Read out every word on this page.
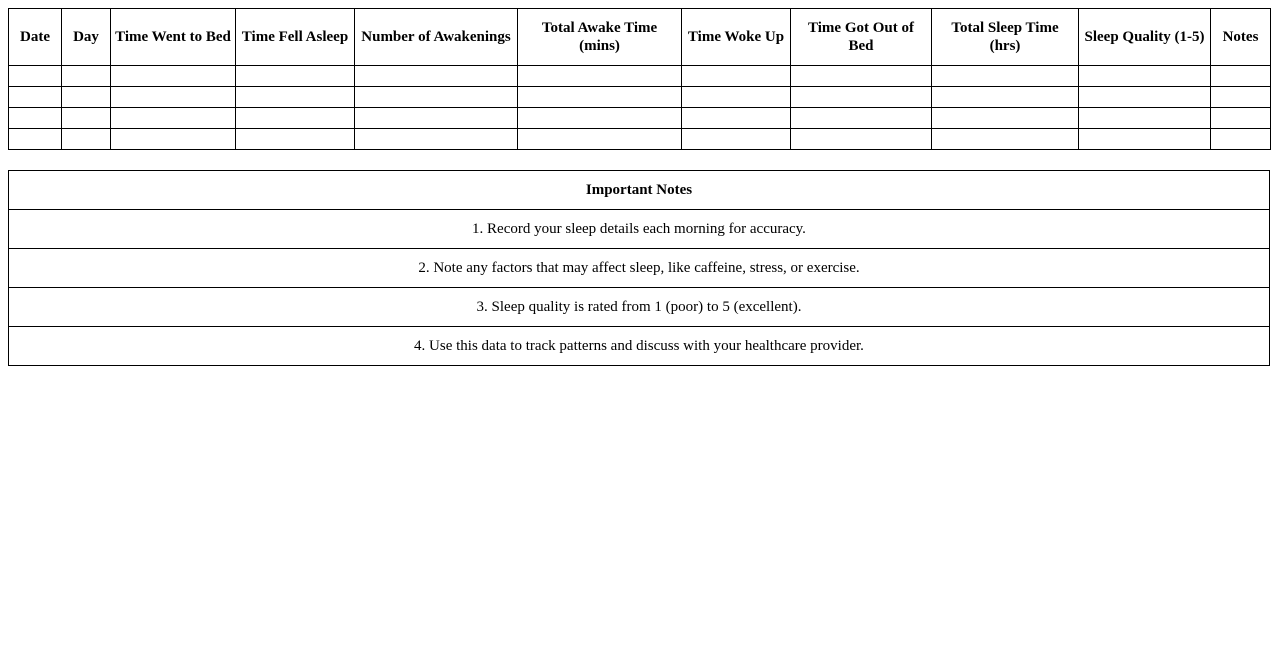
Date	Day	Time Went to Bed	Time Fell Asleep	Number of Awakenings	Total Awake Time (mins)	Time Woke Up	Time Got Out of Bed	Total Sleep Time (hrs)	Sleep Quality (1-5)	Notes

Important Notes
1. Record your sleep details each morning for accuracy.
2. Note any factors that may affect sleep, like caffeine, stress, or exercise.
3. Sleep quality is rated from 1 (poor) to 5 (excellent).
4. Use this data to track patterns and discuss with your healthcare provider.
